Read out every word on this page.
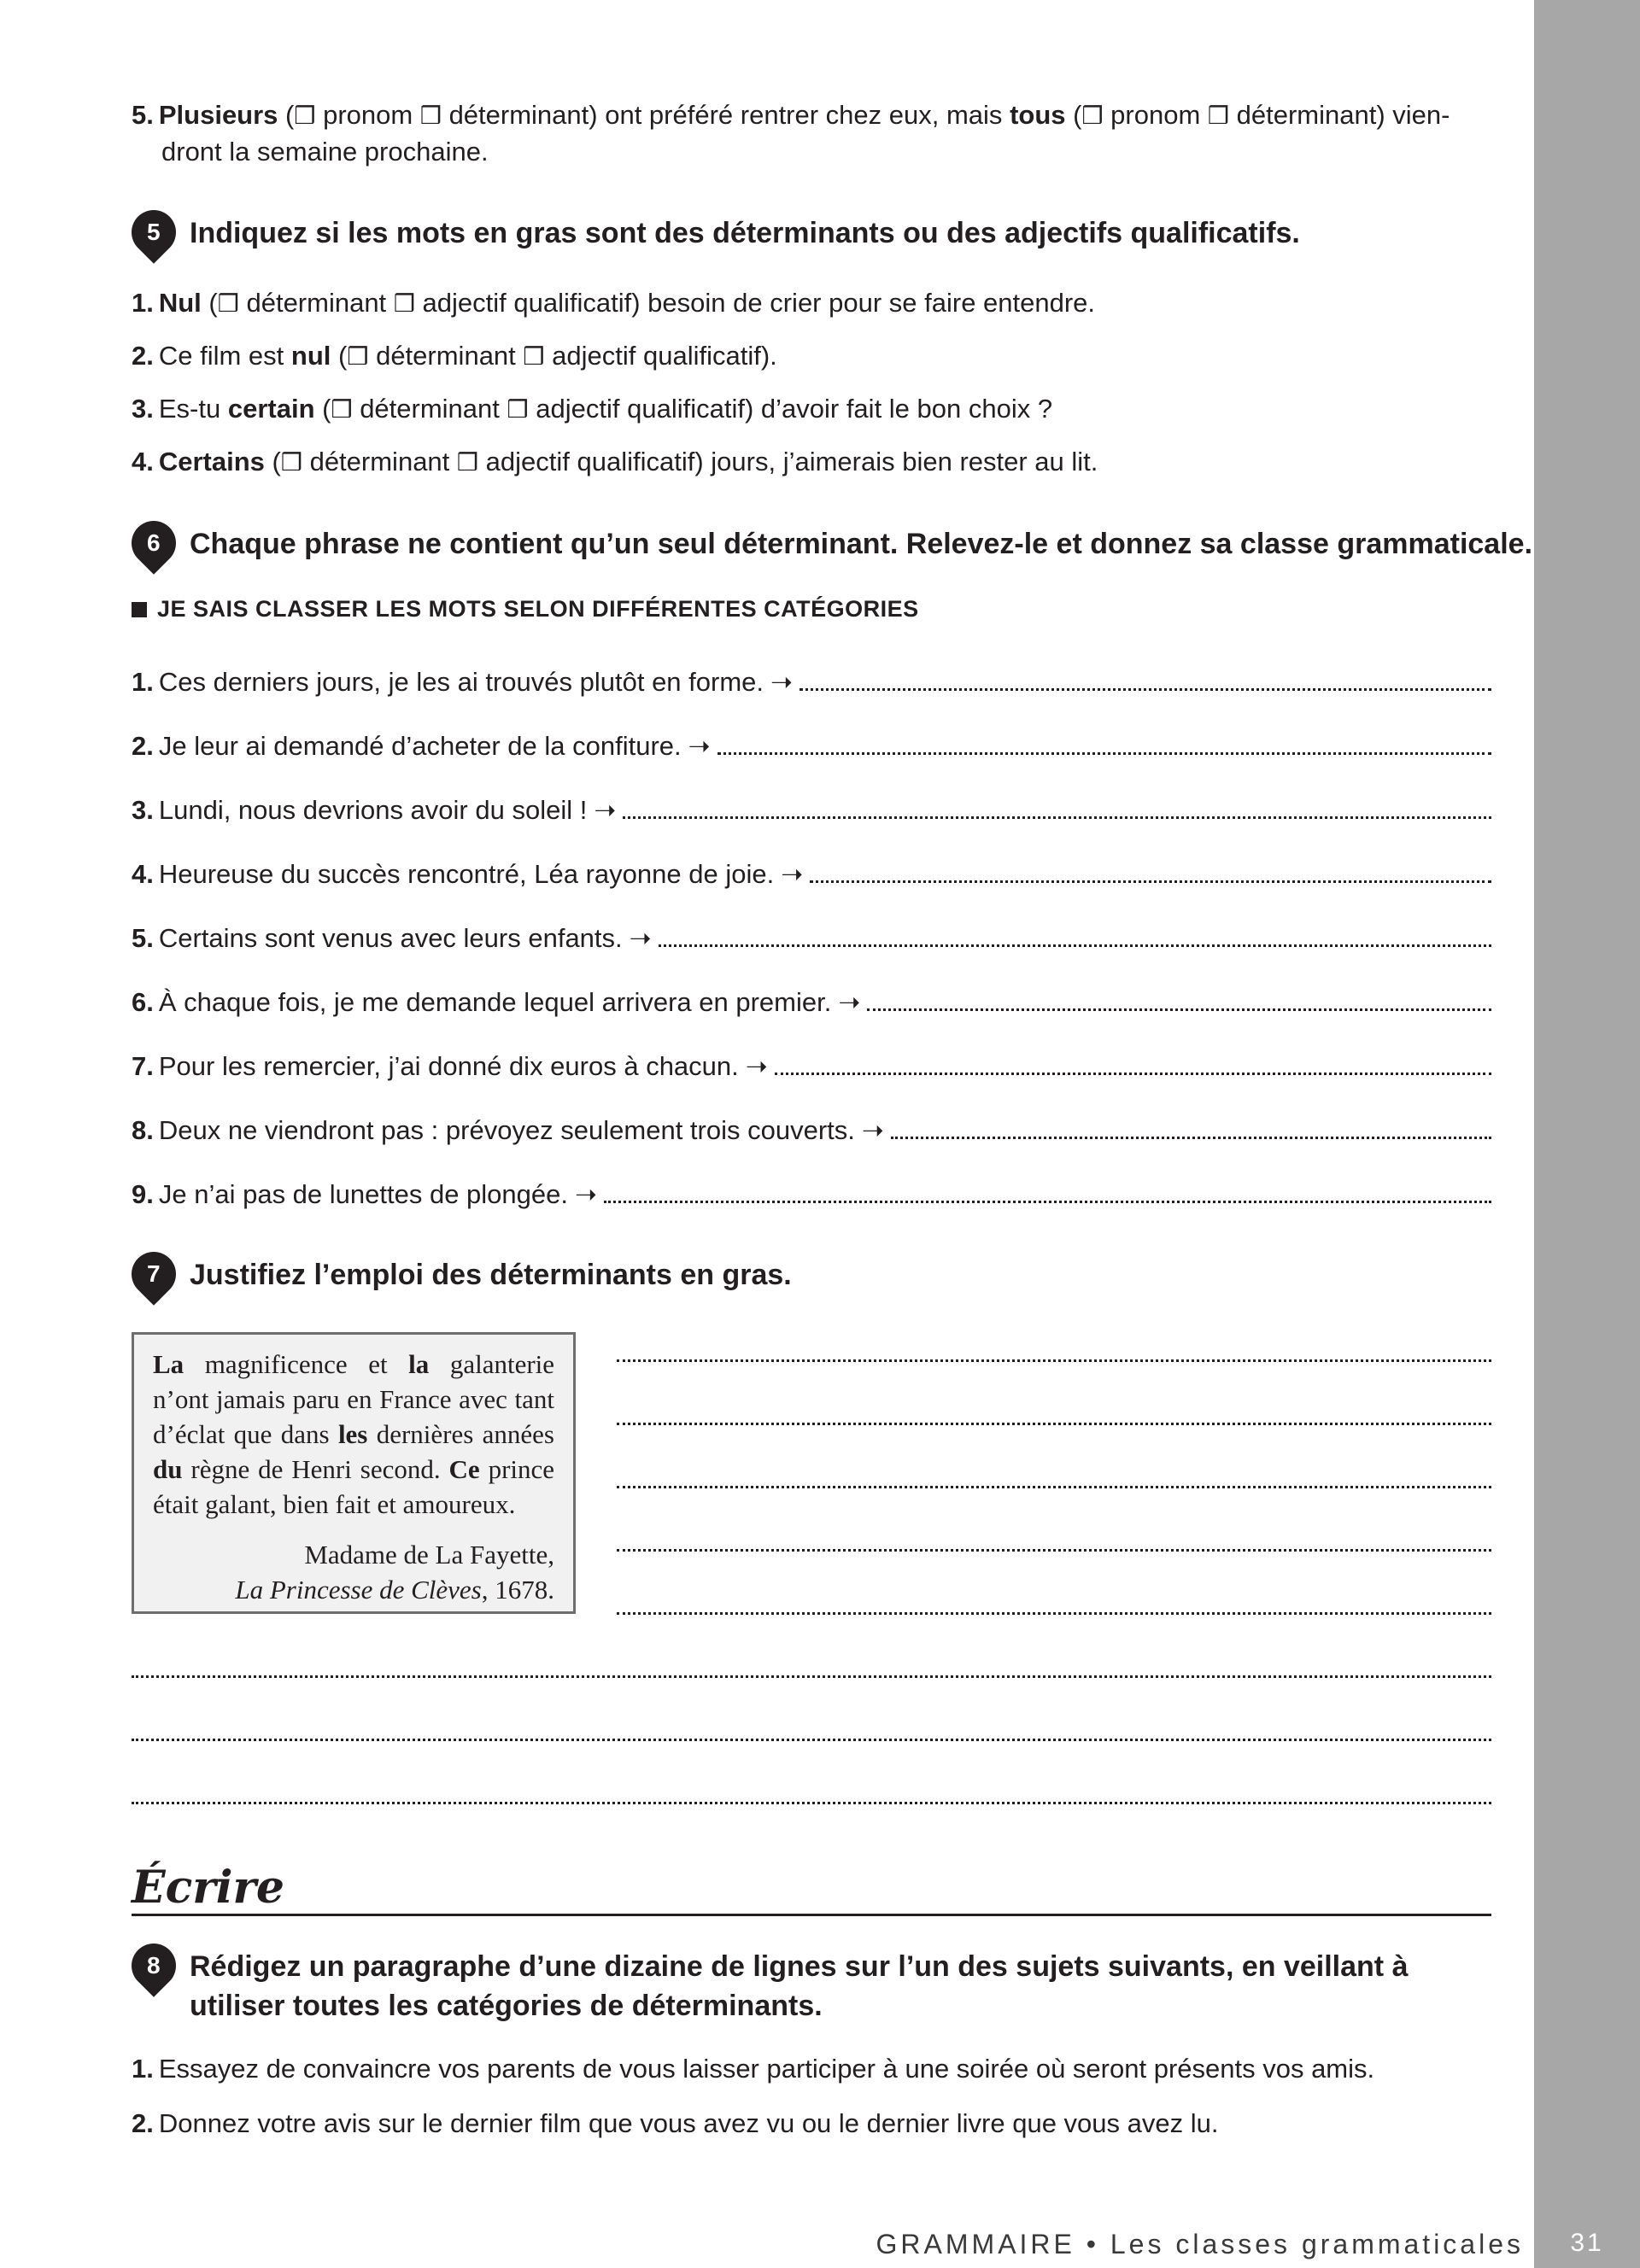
5. Plusieurs (❒ pronom ❒ déterminant) ont préféré rentrer chez eux, mais tous (❒ pronom ❒ déterminant) vien-
dront la semaine prochaine.
5 Indiquez si les mots en gras sont des déterminants ou des adjectifs qualificatifs.
1. Nul (❒ déterminant ❒ adjectif qualificatif) besoin de crier pour se faire entendre.
2. Ce film est nul (❒ déterminant ❒ adjectif qualificatif).
3. Es-tu certain (❒ déterminant ❒ adjectif qualificatif) d’avoir fait le bon choix ?
4. Certains (❒ déterminant ❒ adjectif qualificatif) jours, j’aimerais bien rester au lit.
6 Chaque phrase ne contient qu’un seul déterminant. Relevez-le et donnez sa classe grammaticale.
JE SAIS CLASSER LES MOTS SELON DIFFÉRENTES CATÉGORIES
1. Ces derniers jours, je les ai trouvés plutôt en forme. ➝
2. Je leur ai demandé d’acheter de la confiture. ➝
3. Lundi, nous devrions avoir du soleil ! ➝
4. Heureuse du succès rencontré, Léa rayonne de joie. ➝
5. Certains sont venus avec leurs enfants. ➝
6. À chaque fois, je me demande lequel arrivera en premier. ➝
7. Pour les remercier, j’ai donné dix euros à chacun. ➝
8. Deux ne viendront pas : prévoyez seulement trois couverts. ➝
9. Je n’ai pas de lunettes de plongée. ➝
7 Justifiez l’emploi des déterminants en gras.
La magnificence et la galanterie n’ont jamais paru en France avec tant d’éclat que dans les dernières années du règne de Henri second. Ce prince était galant, bien fait et amoureux.
Madame de La Fayette,
La Princesse de Clèves, 1678.
Écrire
8 Rédigez un paragraphe d’une dizaine de lignes sur l’un des sujets suivants, en veillant à
utiliser toutes les catégories de déterminants.
1. Essayez de convaincre vos parents de vous laisser participer à une soirée où seront présents vos amis.
2. Donnez votre avis sur le dernier film que vous avez vu ou le dernier livre que vous avez lu.
GRAMMAIRE • Les classes grammaticales	31
